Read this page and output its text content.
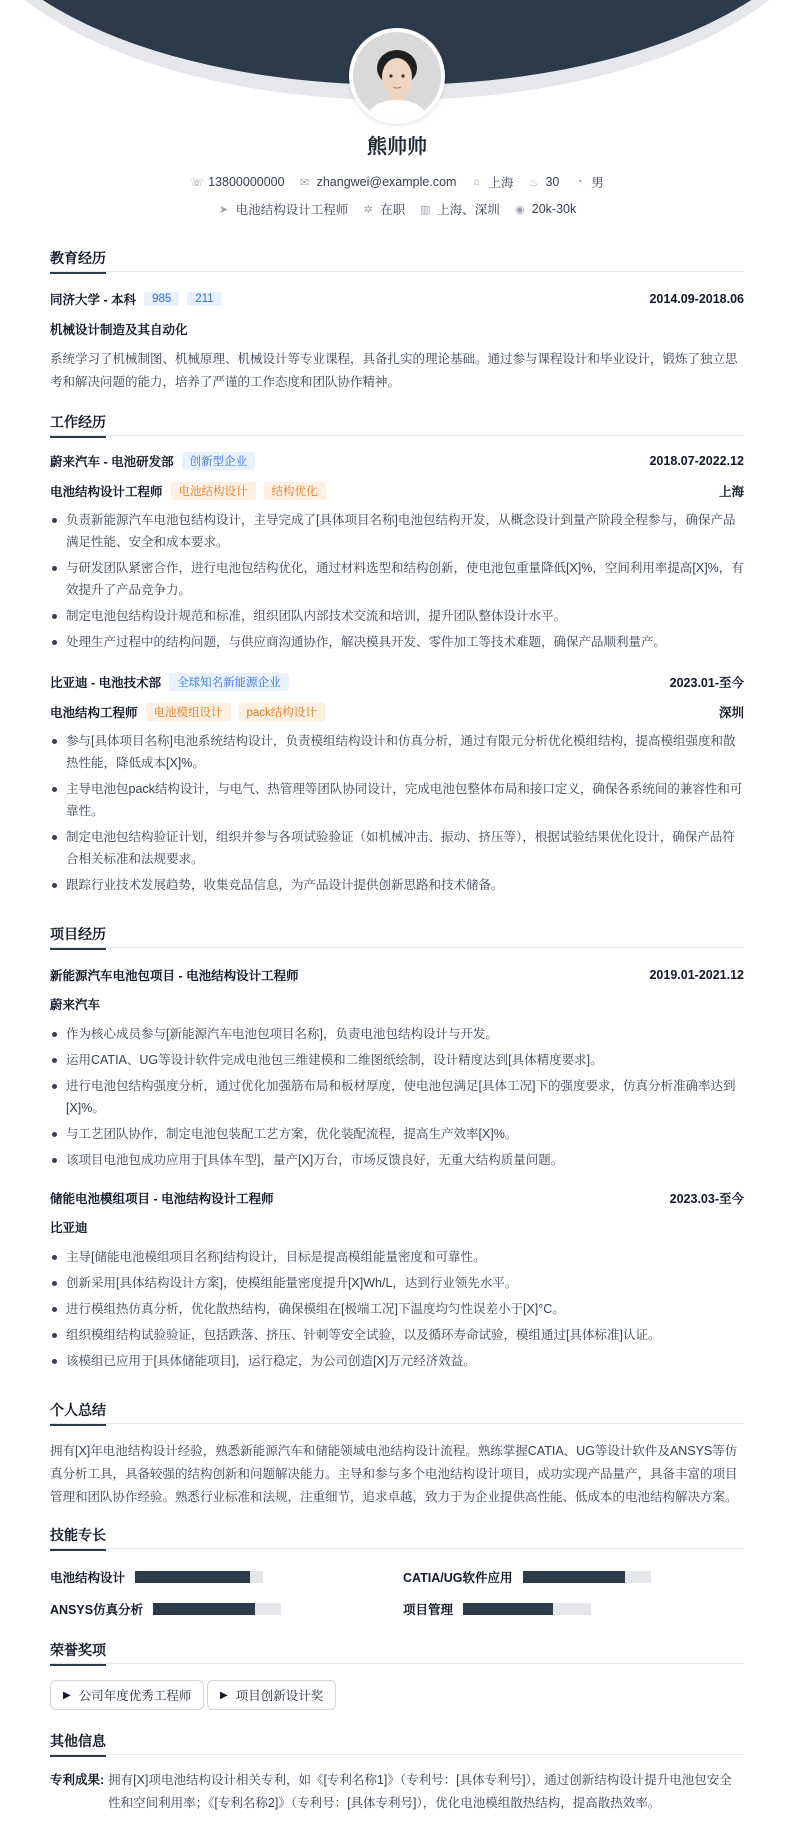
熊帅帅
☏ 13800000000 ✉ zhangwei@example.com ⌂ 上海 ♨ 30 ◔ 男
➤ 电池结构设计工程师 ✲ 在职 ▥ 上海、深圳 ◉ 20k-30k
教育经历
同济大学 - 本科	985	211	2014.09-2018.06
机械设计制造及其自动化
系统学习了机械制图、机械原理、机械设计等专业课程，具备扎实的理论基础。通过参与课程设计和毕业设计，锻炼了独立思考和解决问题的能力，培养了严谨的工作态度和团队协作精神。
工作经历
蔚来汽车 - 电池研发部	创新型企业	2018.07-2022.12
电池结构设计工程师	电池结构设计	结构优化	上海
负责新能源汽车电池包结构设计，主导完成了[具体项目名称]电池包结构开发，从概念设计到量产阶段全程参与，确保产品满足性能、安全和成本要求。
与研发团队紧密合作，进行电池包结构优化，通过材料选型和结构创新，使电池包重量降低[X]%，空间利用率提高[X]%，有效提升了产品竞争力。
制定电池包结构设计规范和标准，组织团队内部技术交流和培训，提升团队整体设计水平。
处理生产过程中的结构问题，与供应商沟通协作，解决模具开发、零件加工等技术难题，确保产品顺利量产。
比亚迪 - 电池技术部	全球知名新能源企业	2023.01-至今
电池结构工程师	电池模组设计	pack结构设计	深圳
参与[具体项目名称]电池系统结构设计，负责模组结构设计和仿真分析，通过有限元分析优化模组结构，提高模组强度和散热性能，降低成本[X]%。
主导电池包pack结构设计，与电气、热管理等团队协同设计，完成电池包整体布局和接口定义，确保各系统间的兼容性和可靠性。
制定电池包结构验证计划，组织并参与各项试验验证（如机械冲击、振动、挤压等），根据试验结果优化设计，确保产品符合相关标准和法规要求。
跟踪行业技术发展趋势，收集竞品信息，为产品设计提供创新思路和技术储备。
项目经历
新能源汽车电池包项目 - 电池结构设计工程师	2019.01-2021.12
蔚来汽车
作为核心成员参与[新能源汽车电池包项目名称]，负责电池包结构设计与开发。
运用CATIA、UG等设计软件完成电池包三维建模和二维图纸绘制，设计精度达到[具体精度要求]。
进行电池包结构强度分析，通过优化加强筋布局和板材厚度，使电池包满足[具体工况]下的强度要求，仿真分析准确率达到[X]%。
与工艺团队协作，制定电池包装配工艺方案，优化装配流程，提高生产效率[X]%。
该项目电池包成功应用于[具体车型]，量产[X]万台，市场反馈良好，无重大结构质量问题。
储能电池模组项目 - 电池结构设计工程师	2023.03-至今
比亚迪
主导[储能电池模组项目名称]结构设计，目标是提高模组能量密度和可靠性。
创新采用[具体结构设计方案]，使模组能量密度提升[X]Wh/L，达到行业领先水平。
进行模组热仿真分析，优化散热结构，确保模组在[极端工况]下温度均匀性误差小于[X]°C。
组织模组结构试验验证，包括跌落、挤压、针刺等安全试验，以及循环寿命试验，模组通过[具体标准]认证。
该模组已应用于[具体储能项目]，运行稳定，为公司创造[X]万元经济效益。
个人总结
拥有[X]年电池结构设计经验，熟悉新能源汽车和储能领域电池结构设计流程。熟练掌握CATIA、UG等设计软件及ANSYS等仿真分析工具，具备较强的结构创新和问题解决能力。主导和参与多个电池结构设计项目，成功实现产品量产，具备丰富的项目管理和团队协作经验。熟悉行业标准和法规，注重细节，追求卓越，致力于为企业提供高性能、低成本的电池结构解决方案。
技能专长
电池结构设计	CATIA/UG软件应用
ANSYS仿真分析	项目管理
荣誉奖项
▶ 公司年度优秀工程师	▶ 项目创新设计奖
其他信息
专利成果: 拥有[X]项电池结构设计相关专利，如《[专利名称1]》（专利号：[具体专利号]），通过创新结构设计提升电池包安全性和空间利用率；《[专利名称2]》（专利号：[具体专利号]），优化电池模组散热结构，提高散热效率。
